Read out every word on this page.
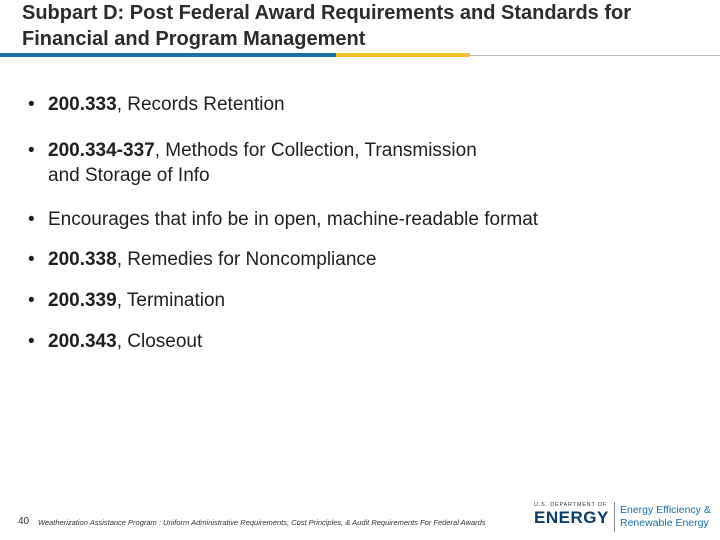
Subpart D: Post Federal Award Requirements and Standards for
Financial and Program Management
• 200.333, Records Retention
• 200.334-337, Methods for Collection, Transmission
and Storage of Info
• Encourages that info be in open, machine-readable format
• 200.338, Remedies for Noncompliance
• 200.339, Termination
• 200.343, Closeout
40 Weatherization Assistance Program : Uniform Administrative Requirements, Cost Principles, & Audit Requirements For Federal Awards
U.S. DEPARTMENT OF
ENERGY Energy Efficiency &
Renewable Energy
